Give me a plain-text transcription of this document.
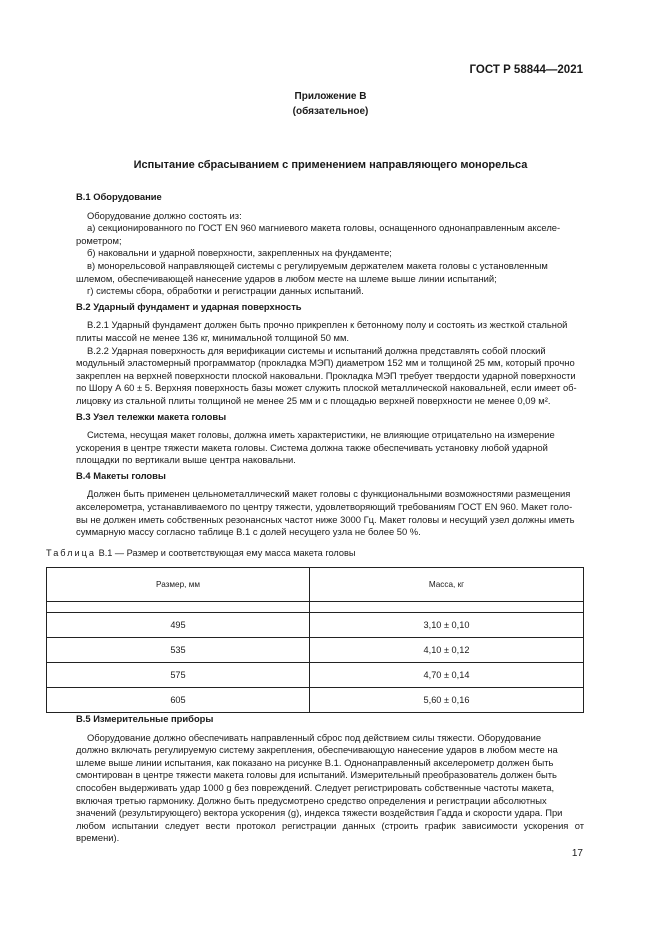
ГОСТ Р 58844—2021
Приложение В
(обязательное)
Испытание сбрасыванием с применением направляющего монорельса

В.1 Оборудование

Оборудование должно состоять из:

а) секционированного по ГОСТ EN 960 магниевого макета головы, оснащенного однонаправленным акселе-

рометром;

б) наковальни и ударной поверхности, закрепленных на фундаменте;

в) монорельсовой направляющей системы с регулируемым держателем макета головы с установленным

шлемом, обеспечивающей нанесение ударов в любом месте на шлеме выше линии испытаний;

г) системы сбора, обработки и регистрации данных испытаний.

В.2 Ударный фундамент и ударная поверхность

В.2.1 Ударный фундамент должен быть прочно прикреплен к бетонному полу и состоять из жесткой стальной

плиты массой не менее 136 кг, минимальной толщиной 50 мм.

В.2.2 Ударная поверхность для верификации системы и испытаний должна представлять собой плоский

модульный эластомерный программатор (прокладка МЭП) диаметром 152 мм и толщиной 25 мм, который прочно

закреплен на верхней поверхности плоской наковальни. Прокладка МЭП требует твердости ударной поверхности

по Шору А 60 ± 5. Верхняя поверхность базы может служить плоской металлической наковальней, если имеет об-

лицовку из стальной плиты толщиной не менее 25 мм и с площадью верхней поверхности не менее 0,09 м².

В.3 Узел тележки макета головы

Система, несущая макет головы, должна иметь характеристики, не влияющие отрицательно на измерение

ускорения в центре тяжести макета головы. Система должна также обеспечивать установку любой ударной

площадки по вертикали выше центра наковальни.

В.4 Макеты головы

Должен быть применен цельнометаллический макет головы с функциональными возможностями размещения

акселерометра, устанавливаемого по центру тяжести, удовлетворяющий требованиям ГОСТ EN 960. Макет голо-

вы не должен иметь собственных резонансных частот ниже 3000 Гц. Макет головы и несущий узел должны иметь

суммарную массу согласно таблице В.1 с долей несущего узла не более 50 %.

Таблица В.1 — Размер и соответствующая ему масса макета головы
Размер, мм	Масса, кг

495	3,10 ± 0,10
535	4,10 ± 0,12
575	4,70 ± 0,14
605	5,60 ± 0,16

В.5 Измерительные приборы

Оборудование должно обеспечивать направленный сброс под действием силы тяжести. Оборудование

должно включать регулируемую систему закрепления, обеспечивающую нанесение ударов в любом месте на

шлеме выше линии испытания, как показано на рисунке В.1. Однонаправленный акселерометр должен быть

смонтирован в центре тяжести макета головы для испытаний. Измерительный преобразователь должен быть

способен выдерживать удар 1000 g без повреждений. Следует регистрировать собственные частоты макета,

включая третью гармонику. Должно быть предусмотрено средство определения и регистрации абсолютных

значений (результирующего) вектора ускорения (g), индекса тяжести воздействия Гадда и скорости удара. При

любом испытании следует вести протокол регистрации данных (строить график зависимости ускорения от времени).

17
